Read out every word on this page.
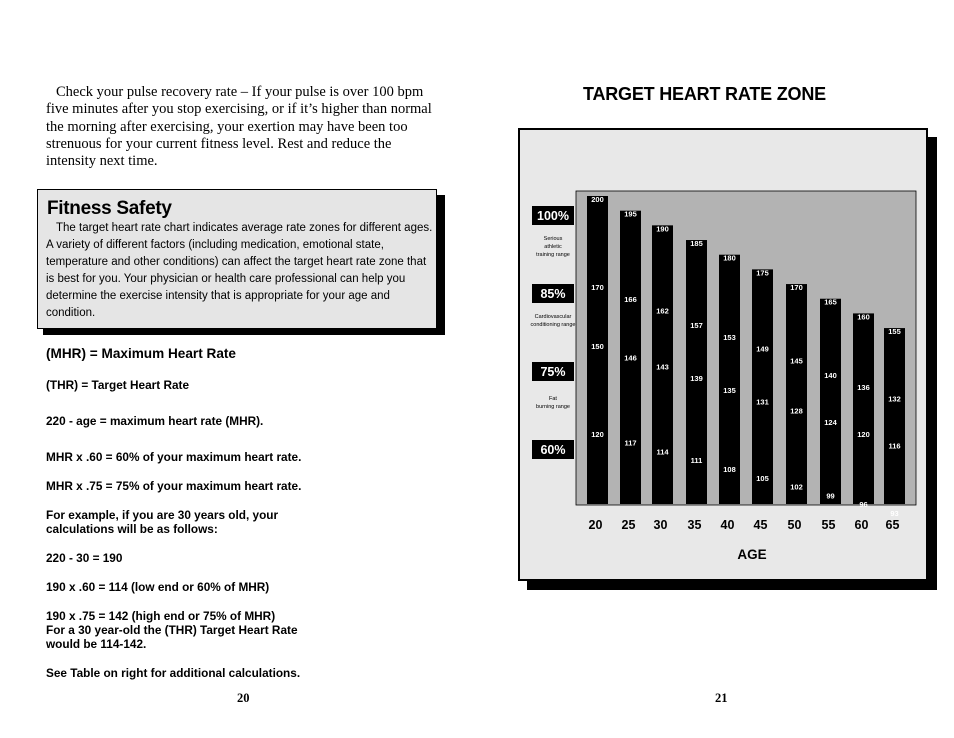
Check your pulse recovery rate – If your pulse is over 100 bpm five minutes after you stop exercising, or if it’s higher than normal the morning after exercising, your exertion may have been too strenuous for your current fitness level. Rest and reduce the intensity next time.

Fitness Safety

The target heart rate chart indicates average rate zones for different ages. A variety of different factors (including medication, emotional state, temperature and other conditions) can affect the target heart rate zone that is best for you. Your physician or health care professional can help you determine the exercise intensity that is appropriate for your age and condition.

(MHR) = Maximum Heart Rate

(THR) = Target Heart Rate

220 - age = maximum heart rate (MHR).

MHR x .60 = 60% of your maximum heart rate.

MHR x .75 = 75% of your maximum heart rate.

For example, if you are 30 years old, your
calculations will be as follows:

220 - 30 = 190

190 x .60 = 114 (low end or 60% of MHR)

190 x .75 = 142 (high end or 75% of MHR)
For a 30 year-old the (THR) Target Heart Rate
would be 114-142.

See Table on right for additional calculations.

20
TARGET HEART RATE ZONE
200
170
150
120
20
195
166
146
117
25
190
162
143
114
30
185
157
139
111
35
180
153
135
108
40
175
149
131
105
45
170
145
128
102
50
165
140
124
99
55
160
136
120
96
60
155
132
116
93
65
100%
Serious
athletic
training range
85%
Cardiovascular
conditioning range
75%
Fat
burning range
60%
AGE
21
